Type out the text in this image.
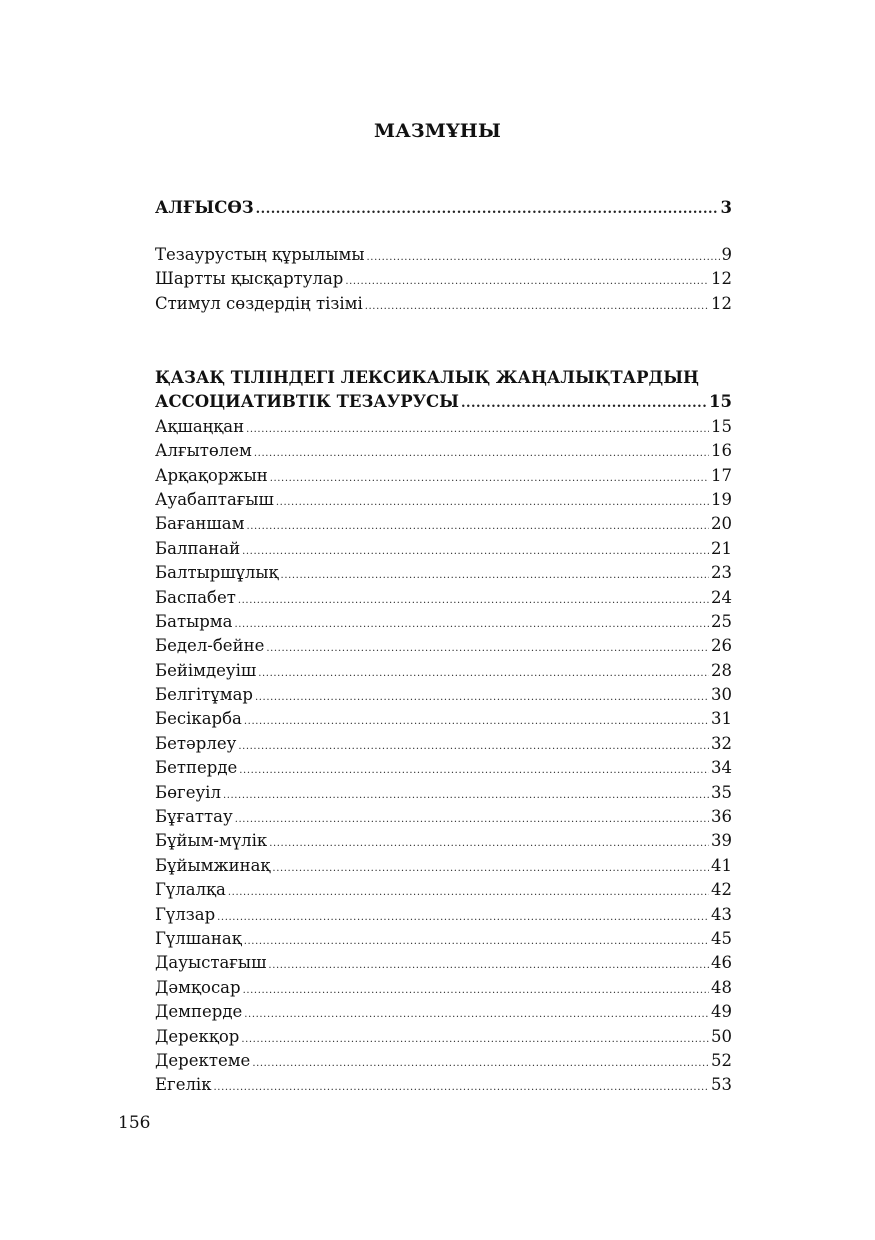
МАЗМҰНЫ
АЛҒЫСӨЗ .....	3
Тезаурустың құрылымы .....	9
Шартты қысқартулар .....	12
Стимул сөздердің тізімі .....	12
ҚАЗАҚ ТІЛІНДЕГІ ЛЕКСИКАЛЫҚ ЖАҢАЛЫҚТАРДЫҢ
АССОЦИАТИВТІК ТЕЗАУРУСЫ .....	15
Ақшаңқан .....	15
Алғытөлем .....	16
Арқақоржын .....	17
Ауабаптағыш .....	19
Бағаншам .....	20
Балпанай .....	21
Балтыршұлық .....	23
Баспабет .....	24
Батырма .....	25
Бедел-бейне .....	26
Бейімдеуіш .....	28
Белгітұмар .....	30
Бесікарба .....	31
Бетәрлеу .....	32
Бетперде .....	34
Бөгеуіл .....	35
Бұғаттау .....	36
Бұйым-мүлік .....	39
Бұйымжинақ .....	41
Гүлалқа .....	42
Гүлзар .....	43
Гүлшанақ .....	45
Дауыстағыш .....	46
Дәмқосар .....	48
Демперде .....	49
Дерекқор .....	50
Деректеме .....	52
Егелік .....	53
156
